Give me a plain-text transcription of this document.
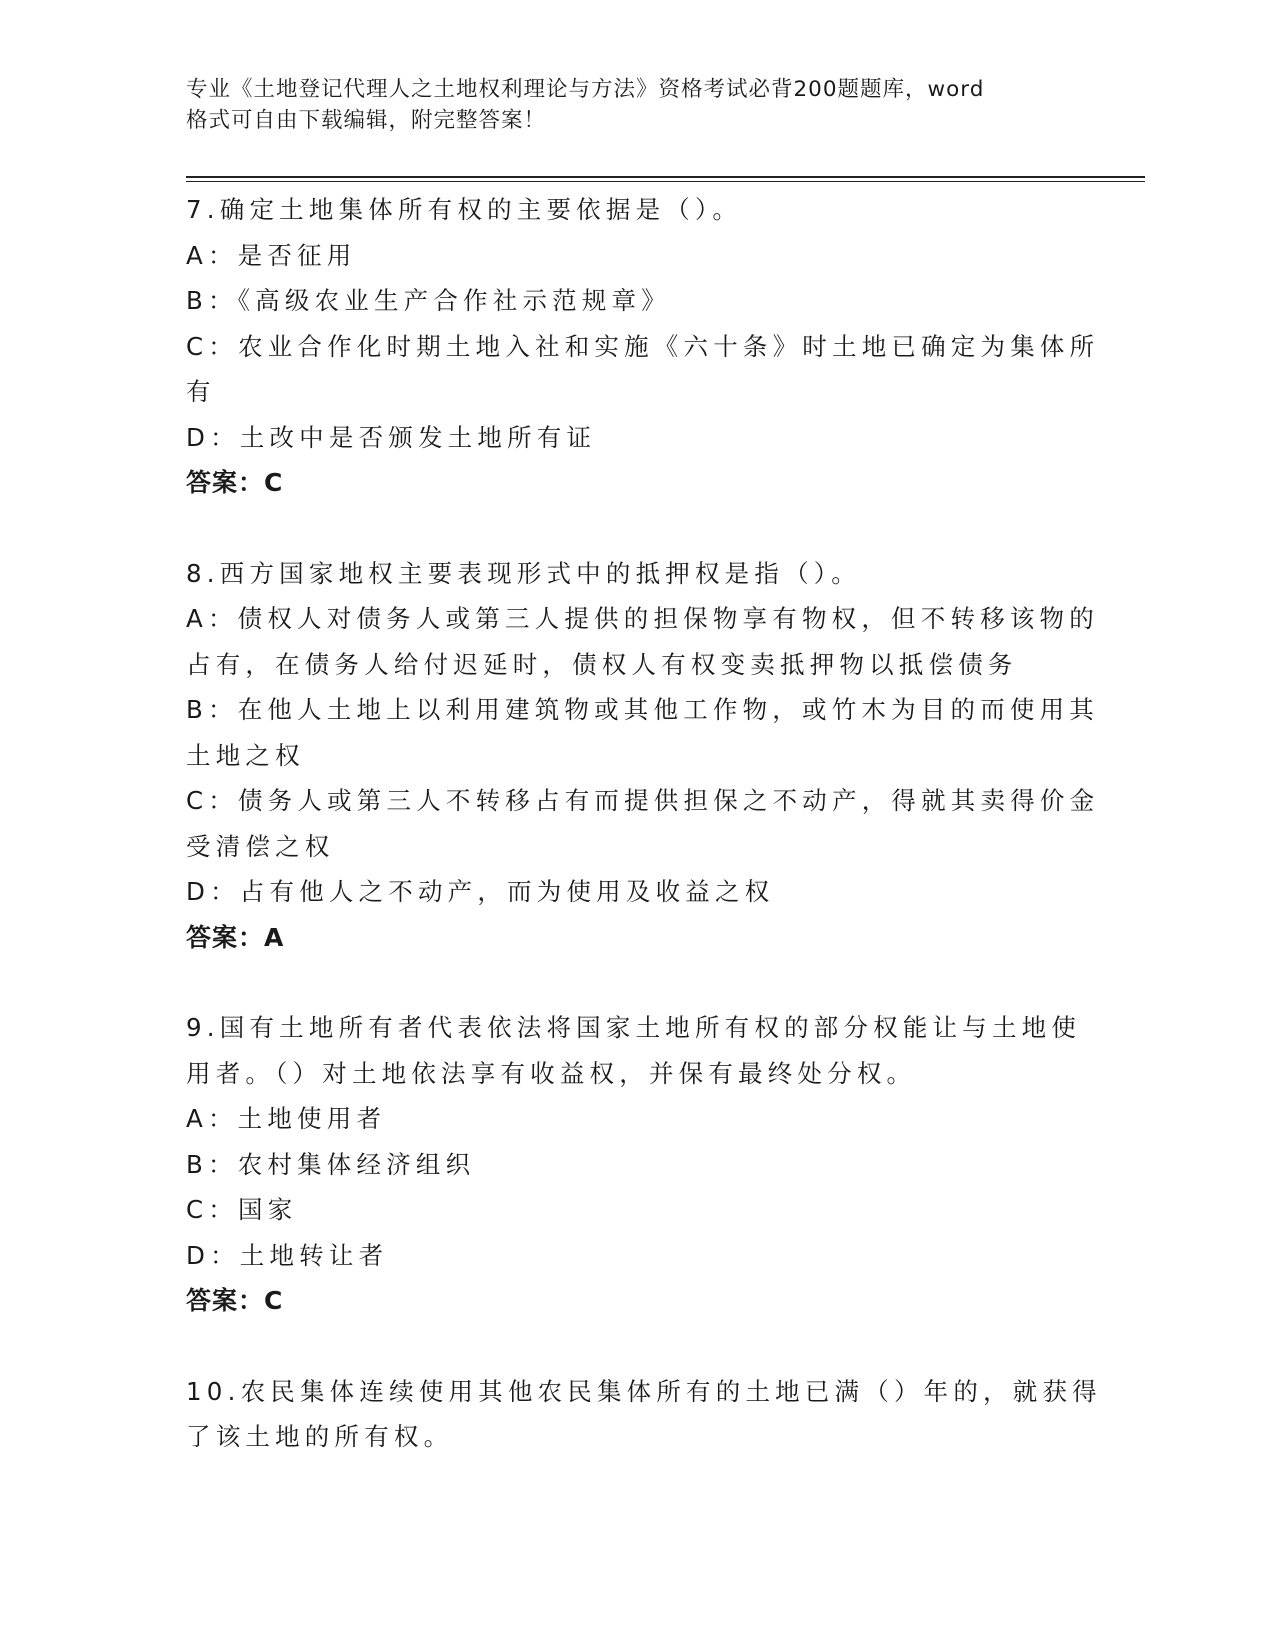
专业《土地登记代理人之土地权利理论与方法》资格考试必背200题题库，word
格式可自由下载编辑，附完整答案！
7.确定土地集体所有权的主要依据是（）。
A：是否征用
B：《高级农业生产合作社示范规章》
C：农业合作化时期土地入社和实施《六十条》时土地已确定为集体所
有
D：土改中是否颁发土地所有证
答案：C
8.西方国家地权主要表现形式中的抵押权是指（）。
A：债权人对债务人或第三人提供的担保物享有物权，但不转移该物的
占有，在债务人给付迟延时，债权人有权变卖抵押物以抵偿债务
B：在他人土地上以利用建筑物或其他工作物，或竹木为目的而使用其
土地之权
C：债务人或第三人不转移占有而提供担保之不动产，得就其卖得价金
受清偿之权
D：占有他人之不动产，而为使用及收益之权
答案：A
9.国有土地所有者代表依法将国家土地所有权的部分权能让与土地使
用者。（）对土地依法享有收益权，并保有最终处分权。
A：土地使用者
B：农村集体经济组织
C：国家
D：土地转让者
答案：C
10.农民集体连续使用其他农民集体所有的土地已满（）年的，就获得
了该土地的所有权。
